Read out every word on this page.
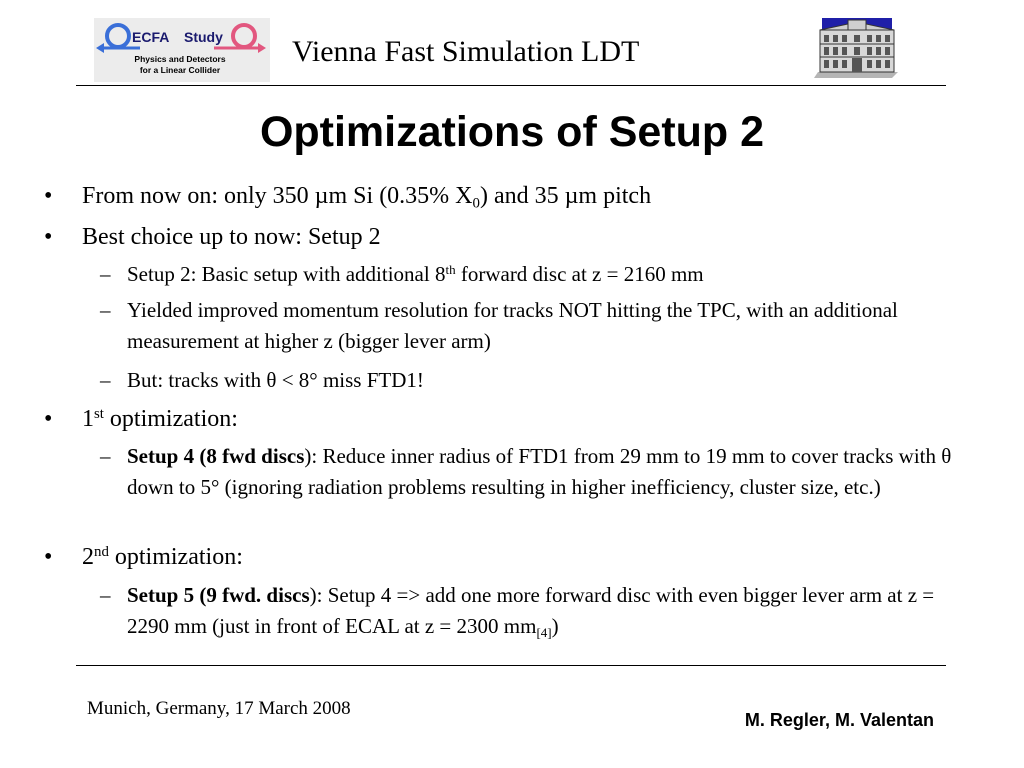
ECFA Study
Physics and Detectors
for a Linear Collider
Vienna Fast Simulation LDT
Optimizations of Setup 2
• From now on: only 350 µm Si (0.35% $X_0$) and 35 µm pitch
• Best choice up to now: Setup 2
– Setup 2: Basic setup with additional 8th forward disc at z = 2160 mm
– Yielded improved momentum resolution for tracks NOT hitting the TPC, with an additional measurement at higher z (bigger lever arm)
– But: tracks with θ < 8° miss FTD1!
• 1st optimization:
– Setup 4 (8 fwd discs): Reduce inner radius of FTD1 from 29 mm to 19 mm to cover tracks with θ down to 5° (ignoring radiation problems resulting in higher inefficiency, cluster size, etc.)
• 2nd optimization:
– Setup 5 (9 fwd. discs): Setup 4 => add one more forward disc with even bigger lever arm at z = 2290 mm (just in front of ECAL at z = 2300 $mm_{[4]}$)
Munich, Germany, 17 March 2008
M. Regler, M. Valentan
